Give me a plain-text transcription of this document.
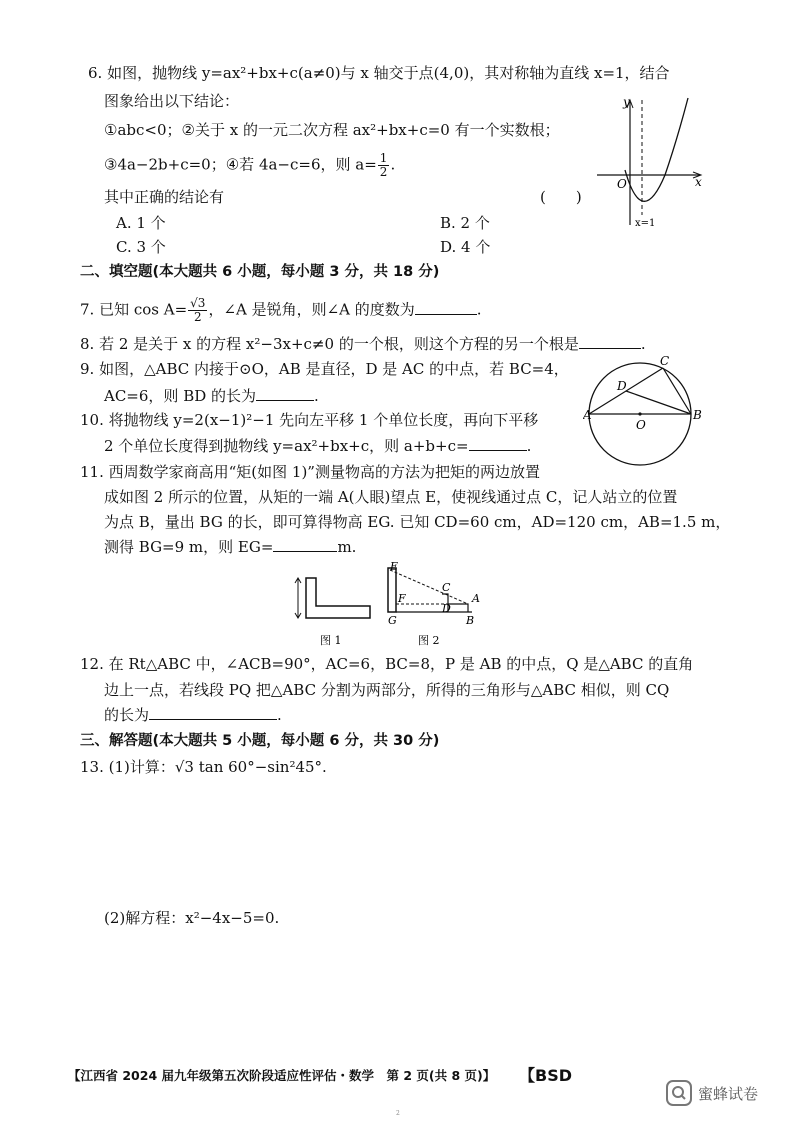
6. 如图，抛物线 y=ax²+bx+c(a≠0)与 x 轴交于点(4,0)，其对称轴为直线 x=1，结合
图象给出以下结论：
①abc<0；②关于 x 的一元二次方程 ax²+bx+c=0 有一个实数根；
③4a−2b+c=0；④若 4a−c=6，则 $a= \frac{1}{2}$ .
其中正确的结论有	(　　)
A. 1 个	B. 2 个
C. 3 个	D. 4 个
y
x
O
x=1
二、填空题(本大题共 6 小题，每小题 3 分，共 18 分)
7. 已知 $\cos A= \frac{√3}{2}$ ，∠A 是锐角，则∠A 的度数为	.
8. 若 2 是关于 x 的方程 x²−3x+c≠0 的一个根，则这个方程的另一个根是	.
9. 如图，△ABC 内接于⊙O，AB 是直径，D 是 AC 的中点，若 BC=4，
AC=6，则 BD 的长为	.
A	B
C
D
O
10. 将抛物线 y=2(x−1)²−1 先向左平移 1 个单位长度，再向下平移
2 个单位长度得到抛物线 y=ax²+bx+c，则 a+b+c=	.
11. 西周数学家商高用“矩(如图 1)”测量物高的方法为把矩的两边放置
成如图 2 所示的位置，从矩的一端 A(人眼)望点 E，使视线通过点 C，记人站立的位置
为点 B，量出 BG 的长，即可算得物高 EG. 已知 CD=60 cm，AD=120 cm，AB=1.5 m，
测得 BG=9 m，则 EG=	m.
图 1
E
C
F
D
A
G	B
图 2
12. 在 Rt△ABC 中，∠ACB=90°，AC=6，BC=8，P 是 AB 的中点，Q 是△ABC 的直角
边上一点，若线段 PQ 把△ABC 分割为两部分，所得的三角形与△ABC 相似，则 CQ
的长为	.
三、解答题(本大题共 5 小题，每小题 6 分，共 30 分)
13. (1)计算：√3 tan 60°−sin²45°.
(2)解方程：x²−4x−5=0.
【江西省 2024 届九年级第五次阶段适应性评估・数学　第 2 页(共 8 页)】 【BSD
蜜蜂试卷
2
